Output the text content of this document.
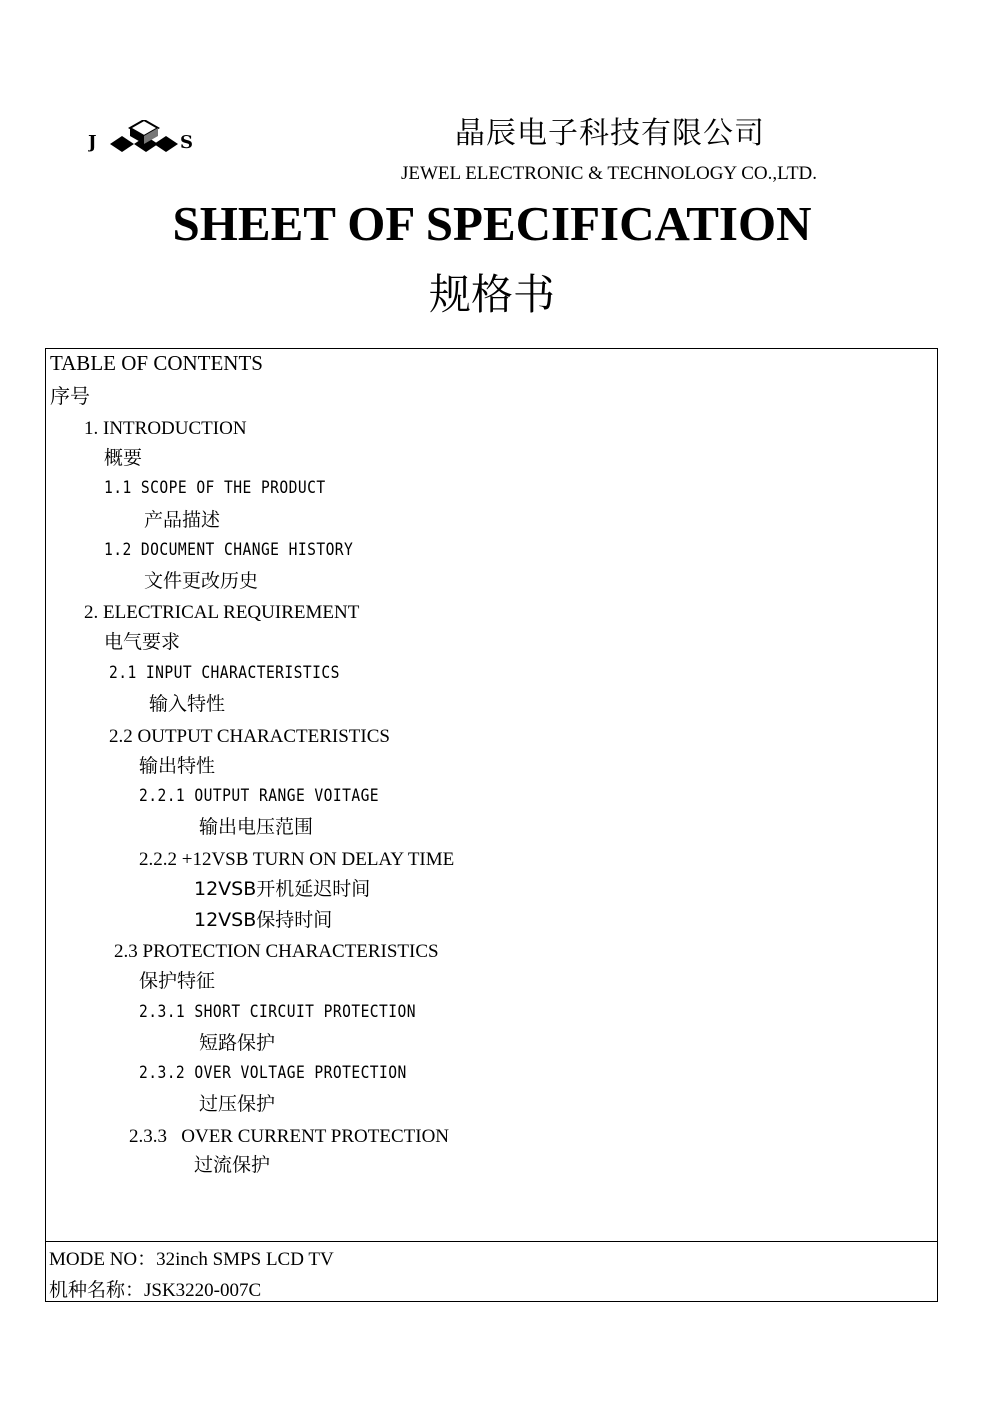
J	S	晶辰电子科技有限公司
JEWEL ELECTRONIC & TECHNOLOGY CO.,LTD.
SHEET OF SPECIFICATION
规格书
TABLE OF CONTENTS
序号
1. INTRODUCTION
概要
1.1 SCOPE OF THE PRODUCT
产品描述
1.2 DOCUMENT CHANGE HISTORY
文件更改历史
2. ELECTRICAL REQUIREMENT
电气要求
2.1 INPUT CHARACTERISTICS
输入特性
2.2 OUTPUT CHARACTERISTICS
输出特性
2.2.1 OUTPUT RANGE VOITAGE
输出电压范围
2.2.2 +12VSB TURN ON DELAY TIME
12VSB开机延迟时间
12VSB保持时间
2.3 PROTECTION CHARACTERISTICS
保护特征
2.3.1 SHORT CIRCUIT PROTECTION
短路保护
2.3.2 OVER VOLTAGE PROTECTION
过压保护
2.3.3   OVER CURRENT PROTECTION
过流保护
MODE NO：32inch SMPS LCD TV
机种名称：JSK3220-007C
